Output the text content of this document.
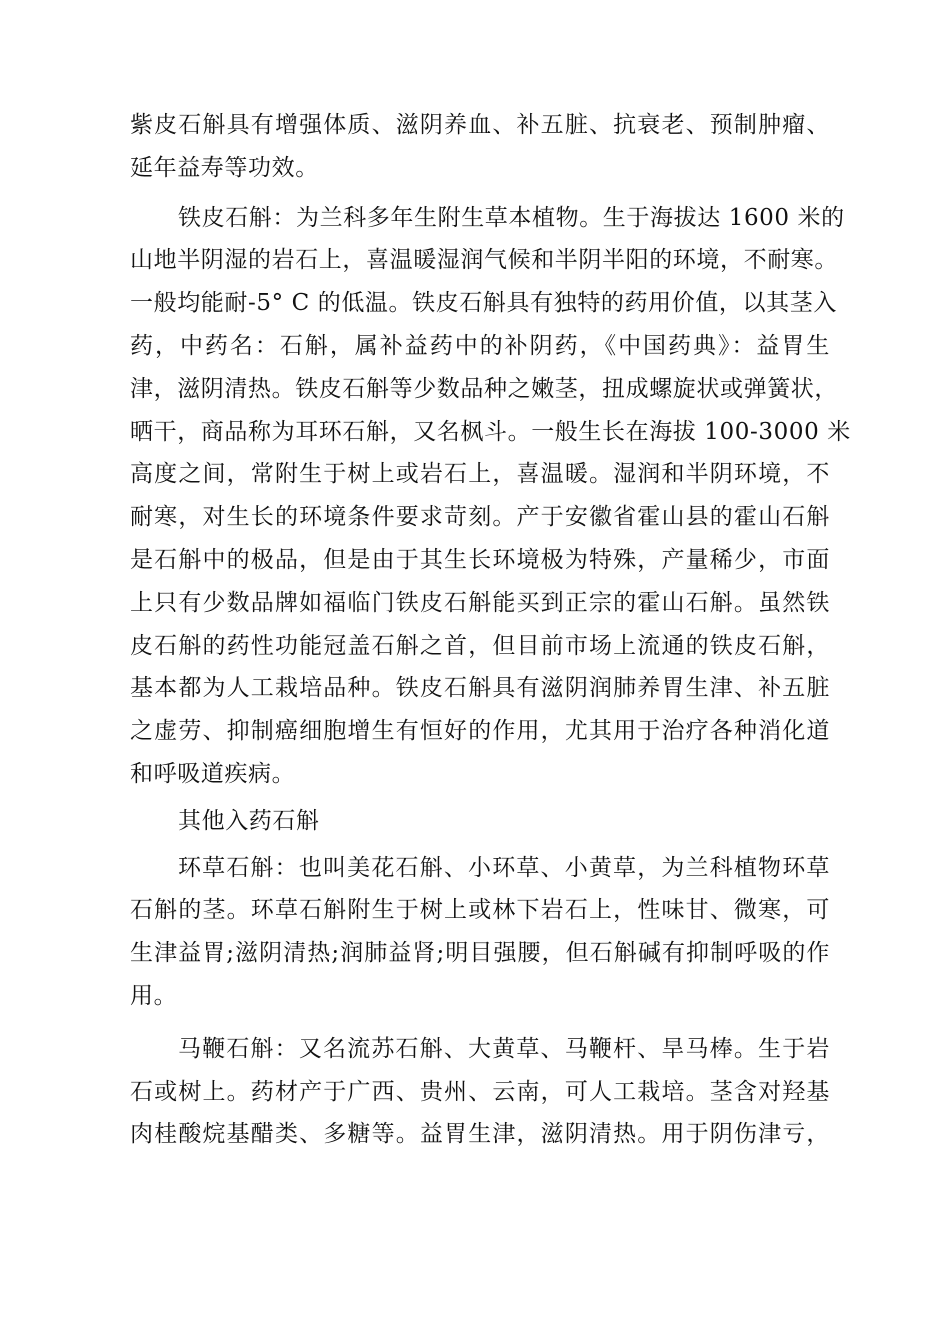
紫皮石斛具有增强体质、滋阴养血、补五脏、抗衰老、预制肿瘤、
延年益寿等功效。

铁皮石斛：为兰科多年生附生草本植物。生于海拔达 1600 米的
山地半阴湿的岩石上，喜温暖湿润气候和半阴半阳的环境，不耐寒。
一般均能耐-5° C 的低温。铁皮石斛具有独特的药用价值，以其茎入
药，中药名：石斛，属补益药中的补阴药，《中国药典》：益胃生
津，滋阴清热。铁皮石斛等少数品种之嫩茎，扭成螺旋状或弹簧状，
晒干，商品称为耳环石斛，又名枫斗。一般生长在海拔 100-3000 米
高度之间，常附生于树上或岩石上，喜温暖。湿润和半阴环境，不
耐寒，对生长的环境条件要求苛刻。产于安徽省霍山县的霍山石斛
是石斛中的极品，但是由于其生长环境极为特殊，产量稀少，市面
上只有少数品牌如福临门铁皮石斛能买到正宗的霍山石斛。虽然铁
皮石斛的药性功能冠盖石斛之首，但目前市场上流通的铁皮石斛，
基本都为人工栽培品种。铁皮石斛具有滋阴润肺养胃生津、补五脏
之虚劳、抑制癌细胞增生有恒好的作用，尤其用于治疗各种消化道
和呼吸道疾病。

其他入药石斛

环草石斛：也叫美花石斛、小环草、小黄草，为兰科植物环草
石斛的茎。环草石斛附生于树上或林下岩石上，性味甘、微寒，可
生津益胃;滋阴清热;润肺益肾;明目强腰，但石斛碱有抑制呼吸的作
用。

马鞭石斛：又名流苏石斛、大黄草、马鞭杆、旱马棒。生于岩
石或树上。药材产于广西、贵州、云南，可人工栽培。茎含对羟基
肉桂酸烷基醋类、多糖等。益胃生津，滋阴清热。用于阴伤津亏，
